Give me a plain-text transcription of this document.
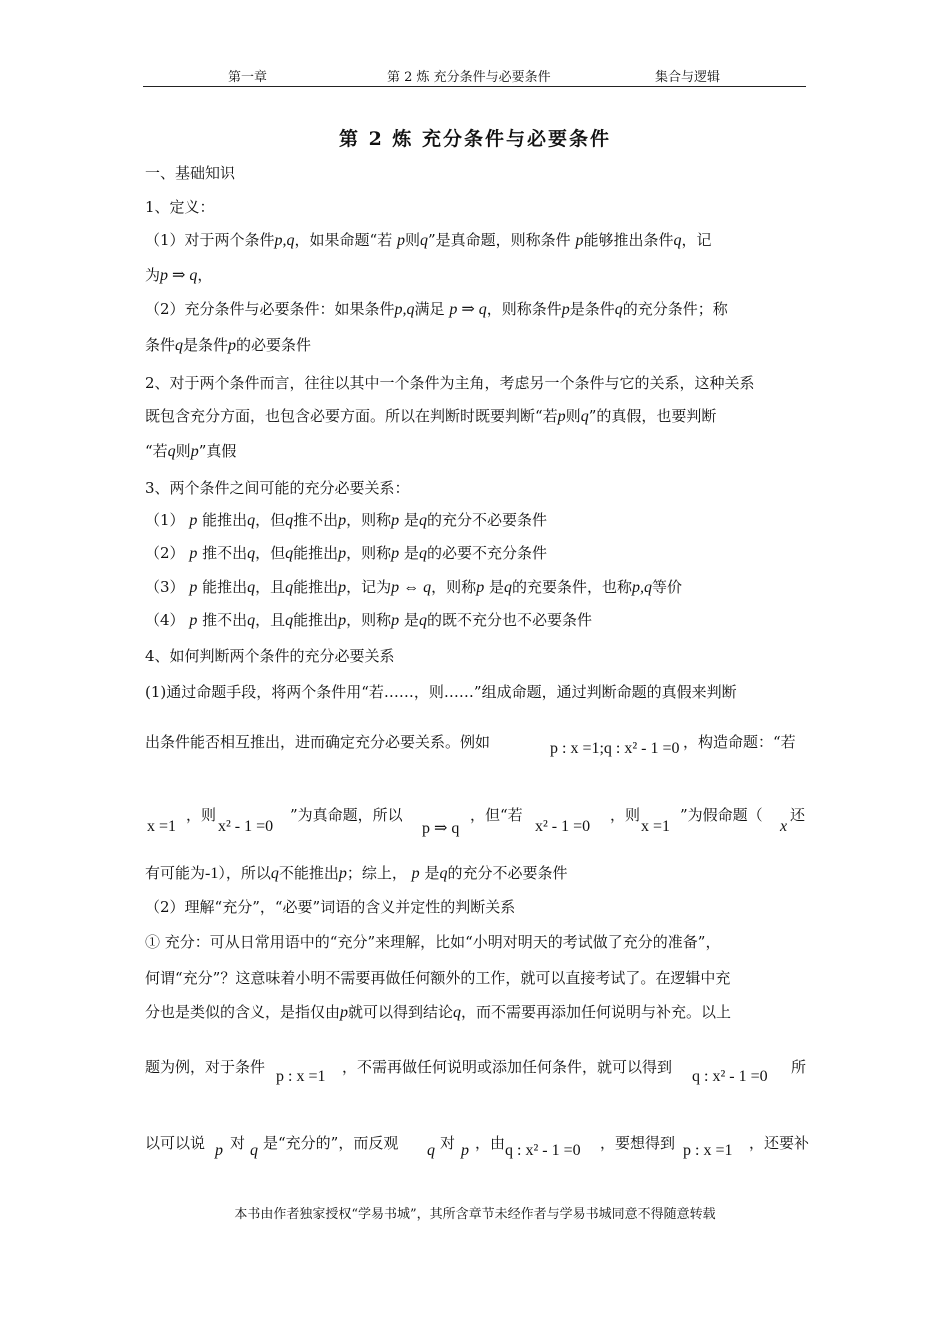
第一章	第 2 炼 充分条件与必要条件	集合与逻辑
第 2 炼 充分条件与必要条件
一、基础知识
1、定义：
（1）对于两个条件p,q，如果命题“若 p则q”是真命题，则称条件 p能够推出条件q，记
为p ⇒ q，
（2）充分条件与必要条件：如果条件p,q满足 p ⇒ q，则称条件p是条件q的充分条件；称
条件q是条件p的必要条件
2、对于两个条件而言，往往以其中一个条件为主角，考虑另一个条件与它的关系，这种关系
既包含充分方面，也包含必要方面。所以在判断时既要判断“若p则q”的真假，也要判断
“若q则p”真假
3、两个条件之间可能的充分必要关系：
（1） p 能推出q，但q推不出p，则称p 是q的充分不必要条件
（2） p 推不出q，但q能推出p，则称p 是q的必要不充分条件
（3） p 能推出q，且q能推出p，记为p ⇔ q，则称p 是q的充要条件，也称p,q等价
（4） p 推不出q，且q能推出p，则称p 是q的既不充分也不必要条件
4、如何判断两个条件的充分必要关系
(1)通过命题手段，将两个条件用“若……，则……”组成命题，通过判断命题的真假来判断
出条件能否相互推出，进而确定充分必要关系。例如	p : x =1;q : x² - 1 =0 ，构造命题：“若
x =1
，则
x² - 1 =0
”为真命题，所以
p ⇒ q
，但“若
x² - 1 =0
，则
x =1
”为假命题（
x
还
有可能为-1），所以q不能推出p；综上， p 是q的充分不必要条件
（2）理解“充分”，“必要”词语的含义并定性的判断关系
① 充分：可从日常用语中的“充分”来理解，比如“小明对明天的考试做了充分的准备”，
何谓“充分”？这意味着小明不需要再做任何额外的工作，就可以直接考试了。在逻辑中充
分也是类似的含义，是指仅由p就可以得到结论q，而不需要再添加任何说明与补充。以上
题为例，对于条件
p : x =1
，不需再做任何说明或添加任何条件，就可以得到
q : x² - 1 =0
所
以可以说 p 对 q 是“充分的”，而反观 q 对 p ，由 q : x² - 1 =0 ，要想得到 p : x =1 ，还要补
本书由作者独家授权“学易书城”，其所含章节未经作者与学易书城同意不得随意转载
